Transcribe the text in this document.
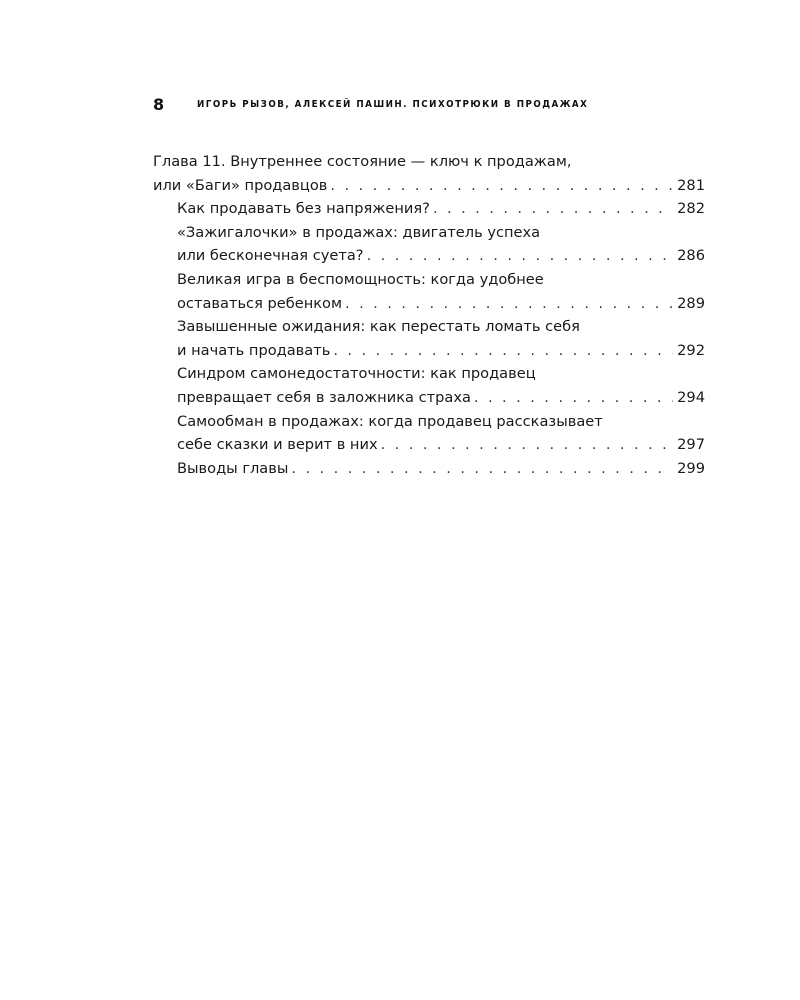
8	ИГОРЬ РЫЗОВ, АЛЕКСЕЙ ПАШИН. ПСИХОТРЮКИ В ПРОДАЖАХ
Глава 11. Внутреннее состояние — ключ к продажам,
или «Баги» продавцов . . .	281
Как продавать без напряжения? . . .	282
«Зажигалочки» в продажах: двигатель успеха
или бесконечная суета? . . .	286
Великая игра в беспомощность: когда удобнее
оставаться ребенком . . .	289
Завышенные ожидания: как перестать ломать себя
и начать продавать . . .	292
Синдром самонедостаточности: как продавец
превращает себя в заложника страха . . .	294
Самообман в продажах: когда продавец рассказывает
себе сказки и верит в них . . .	297
Выводы главы . . .	299
